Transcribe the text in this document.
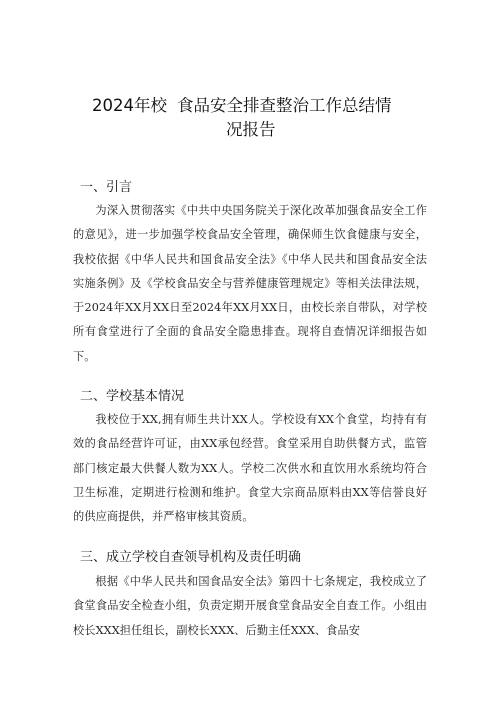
2024年校 食品安全排查整治工作总结情
况报告
一、引言
为深入贯彻落实《中共中央国务院关于深化改革加强食品安全工作的意见》，进一步加强学校食品安全管理，确保师生饮食健康与安全，我校依据《中华人民共和国食品安全法》《中华人民共和国食品安全法实施条例》及《学校食品安全与营养健康管理规定》等相关法律法规，于2024年XX月XX日至2024年XX月XX日，由校长亲自带队，对学校所有食堂进行了全面的食品安全隐患排查。现将自查情况详细报告如下。
二、学校基本情况
我校位于XX,拥有师生共计XX人。学校设有XX个食堂，均持有有效的食品经营许可证，由XX承包经营。食堂采用自助供餐方式，监管部门核定最大供餐人数为XX人。学校二次供水和直饮用水系统均符合卫生标准，定期进行检测和维护。食堂大宗商品原料由XX等信誉良好的供应商提供，并严格审核其资质。
三、成立学校自查领导机构及责任明确
根据《中华人民共和国食品安全法》第四十七条规定，我校成立了食堂食品安全检查小组，负责定期开展食堂食品安全自查工作。小组由校长XXX担任组长，副校长XXX、后勤主任XXX、食品安
